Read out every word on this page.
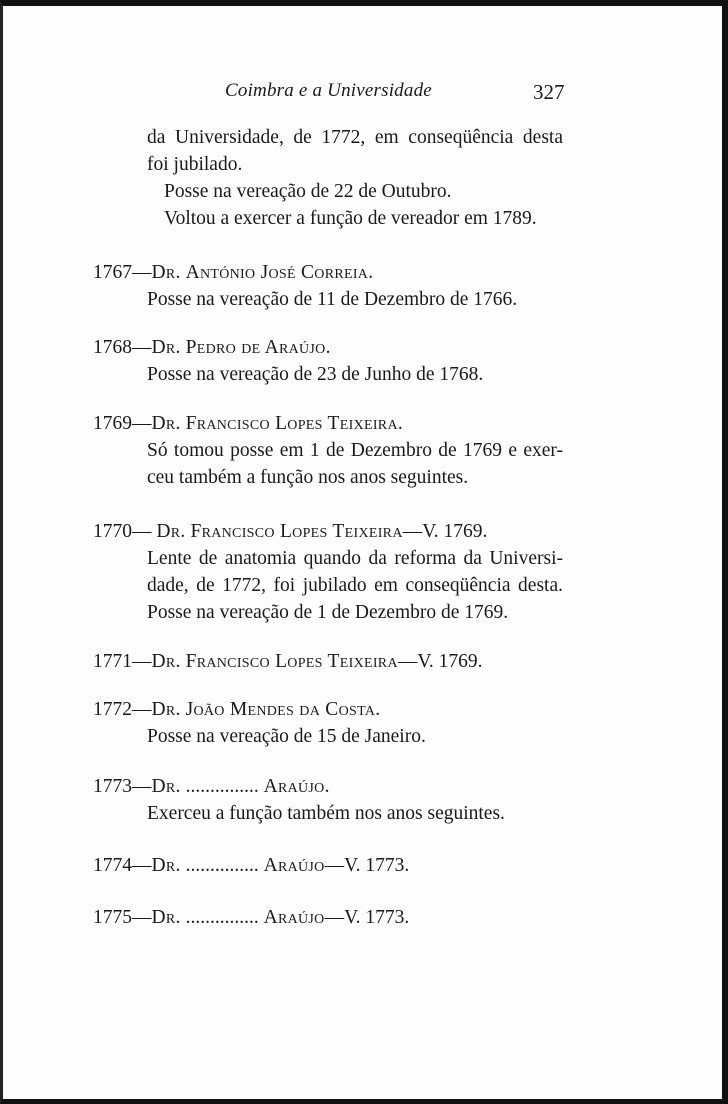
Coimbra e a Universidade	327
da Universidade, de 1772, em conseqüência desta
foi jubilado.
Posse na vereação de 22 de Outubro.
Voltou a exercer a função de vereador em 1789.
1767—Dr. António José Correia.
Posse na vereação de 11 de Dezembro de 1766.
1768—Dr. Pedro de Araújo.
Posse na vereação de 23 de Junho de 1768.
1769—Dr. Francisco Lopes Teixeira.
Só tomou posse em 1 de Dezembro de 1769 e exer-
ceu também a função nos anos seguintes.
1770— Dr. Francisco Lopes Teixeira—V. 1769.
Lente de anatomia quando da reforma da Universi-
dade, de 1772, foi jubilado em conseqüência desta.
Posse na vereação de 1 de Dezembro de 1769.
1771—Dr. Francisco Lopes Teixeira—V. 1769.
1772—Dr. João Mendes da Costa.
Posse na vereação de 15 de Janeiro.
1773—Dr. ............... Araújo.
Exerceu a função também nos anos seguintes.
1774—Dr. ............... Araújo—V. 1773.
1775—Dr. ............... Araújo—V. 1773.
